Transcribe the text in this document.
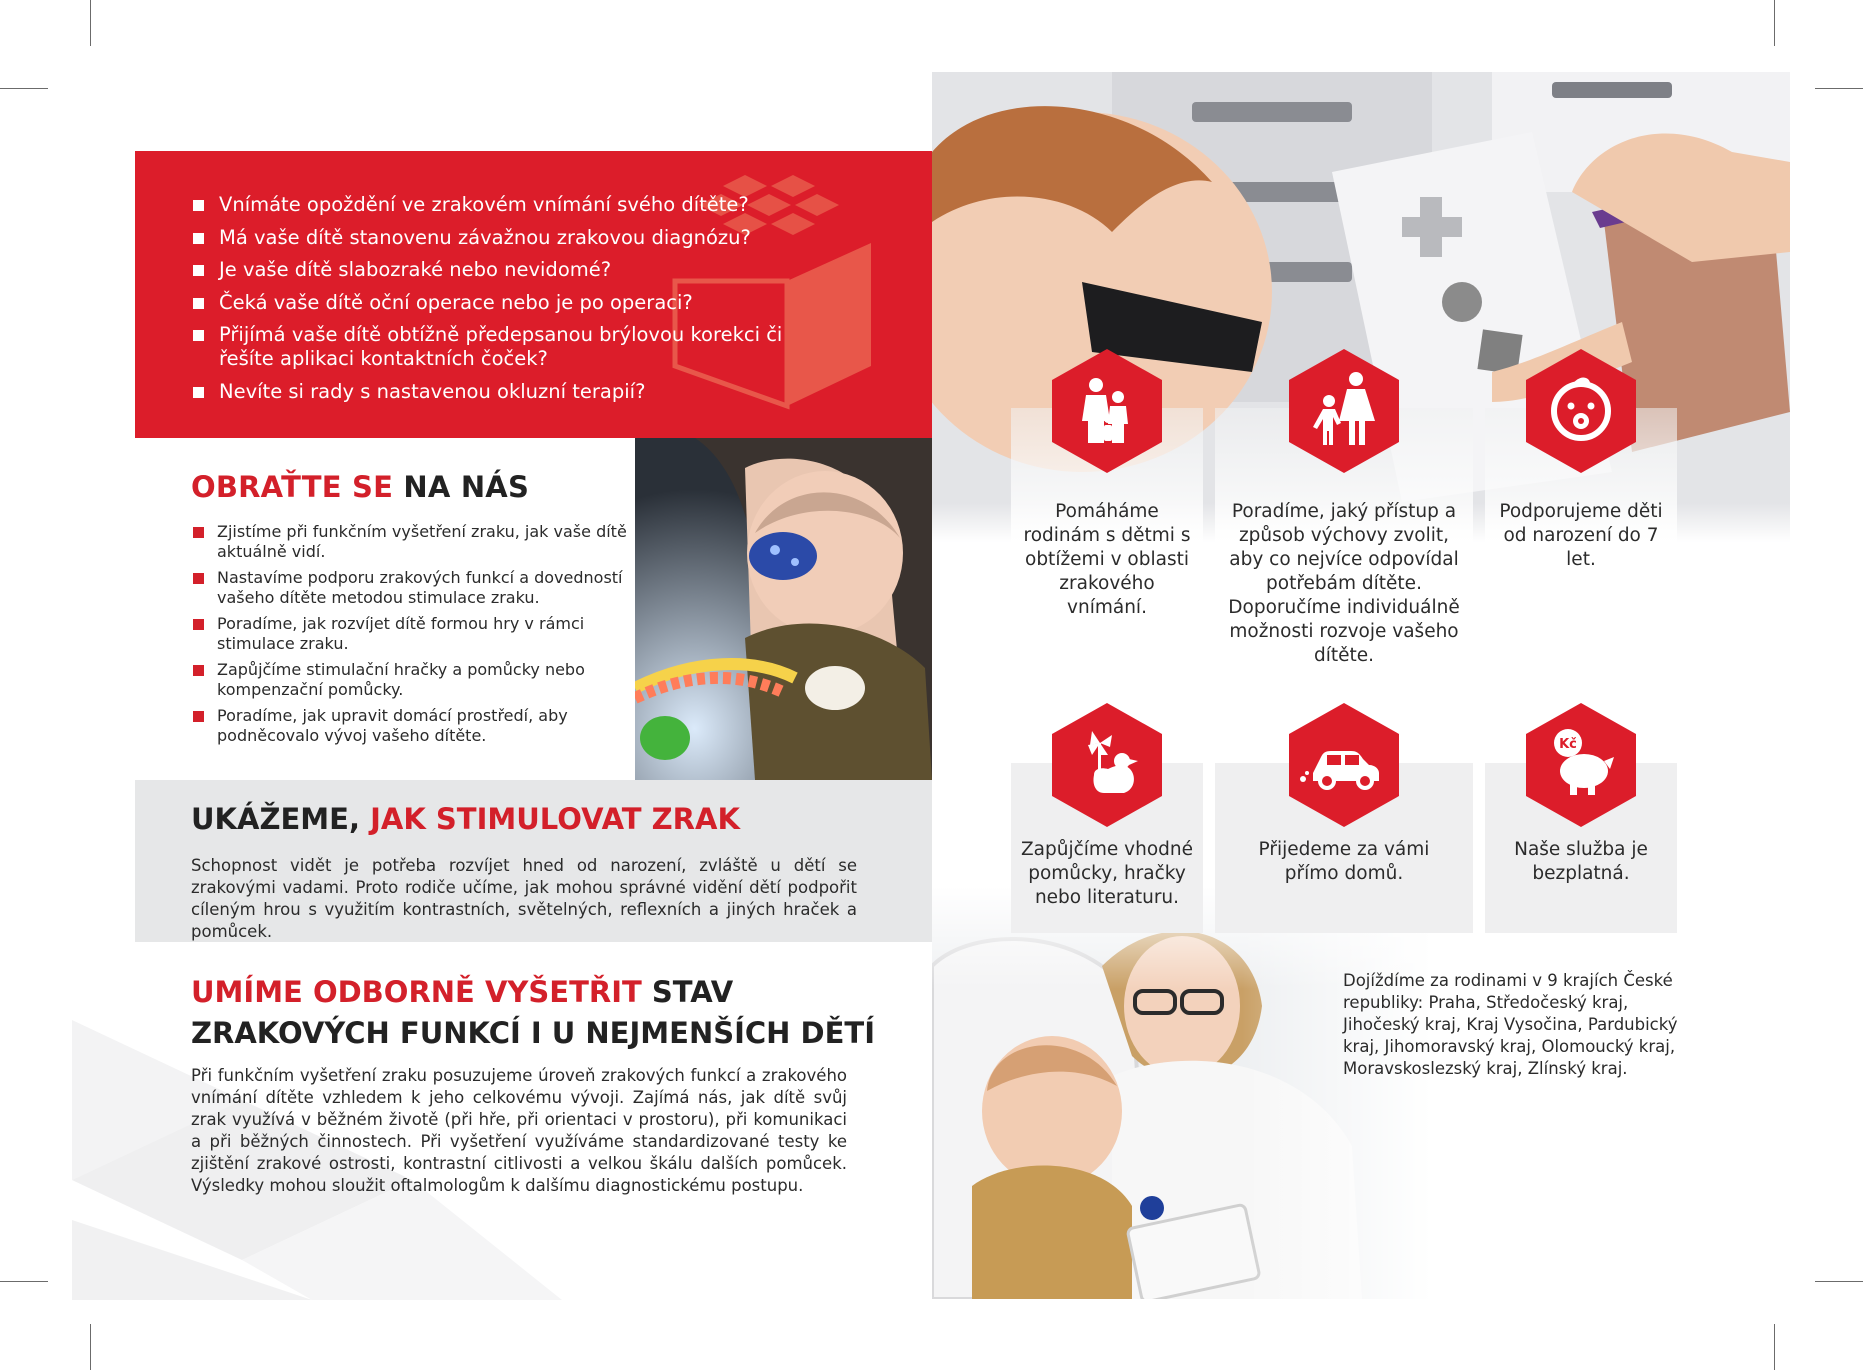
Vnímáte opoždění ve zrakovém vnímání svého dítěte?
Má vaše dítě stanovenu závažnou zrakovou diagnózu?
Je vaše dítě slabozraké nebo nevidomé?
Čeká vaše dítě oční operace nebo je po operaci?
Přijímá vaše dítě obtížně předepsanou brýlovou korekci či řešíte aplikaci kontaktních čoček?
Nevíte si rady s nastavenou okluzní terapií?
OBRAŤTE SE NA NÁS
Zjistíme při funkčním vyšetření zraku, jak vaše dítě aktuálně vidí.
Nastavíme podporu zrakových funkcí a dovedností vašeho dítěte metodou stimulace zraku.
Poradíme, jak rozvíjet dítě formou hry v rámci stimulace zraku.
Zapůjčíme stimulační hračky a pomůcky nebo kompenzační pomůcky.
Poradíme, jak upravit domácí prostředí, aby podněcovalo vývoj vašeho dítěte.
UKÁŽEME, JAK STIMULOVAT ZRAK

Schopnost vidět je potřeba rozvíjet hned od narození, zvláště u dětí se zrakovými vadami. Proto rodiče učíme, jak mohou správné vidění dětí podpořit cíleným hrou s využitím kontrastních, světelných, reflexních a jiných hraček a pomůcek.

UMÍME ODBORNĚ VYŠETŘIT STAV
ZRAKOVÝCH FUNKCÍ I U NEJMENŠÍCH DĚTÍ

Při funkčním vyšetření zraku posuzujeme úroveň zrakových funkcí a zrakového vnímání dítěte vzhledem k jeho celkovému vývoji. Zajímá nás, jak dítě svůj zrak využívá v běžném životě (při hře, při orientaci v prostoru), při komunikaci a při běžných činnostech. Při vyšetření využíváme standardizované testy ke zjištění zrakové ostrosti, kontrastní citlivosti a velkou škálu dalších pomůcek. Výsledky mohou sloužit oftalmologům k dalšímu diagnostickému postupu.

Kč
Pomáháme rodinám s dětmi s obtížemi v oblasti zrakového vnímání.
Poradíme, jaký přístup a způsob výchovy zvolit, aby co nejvíce odpovídal potřebám dítěte. Doporučíme individuálně možnosti rozvoje vašeho dítěte.
Podporujeme děti od narození do 7 let.
Zapůjčíme vhodné pomůcky, hračky nebo literaturu.
Přijedeme za vámi přímo domů.
Naše služba je bezplatná.

Dojíždíme za rodinami v 9 krajích České republiky: Praha, Středočeský kraj, Jihočeský kraj, Kraj Vysočina, Pardubický kraj, Jihomoravský kraj, Olomoucký kraj, Moravskoslezský kraj, Zlínský kraj.
